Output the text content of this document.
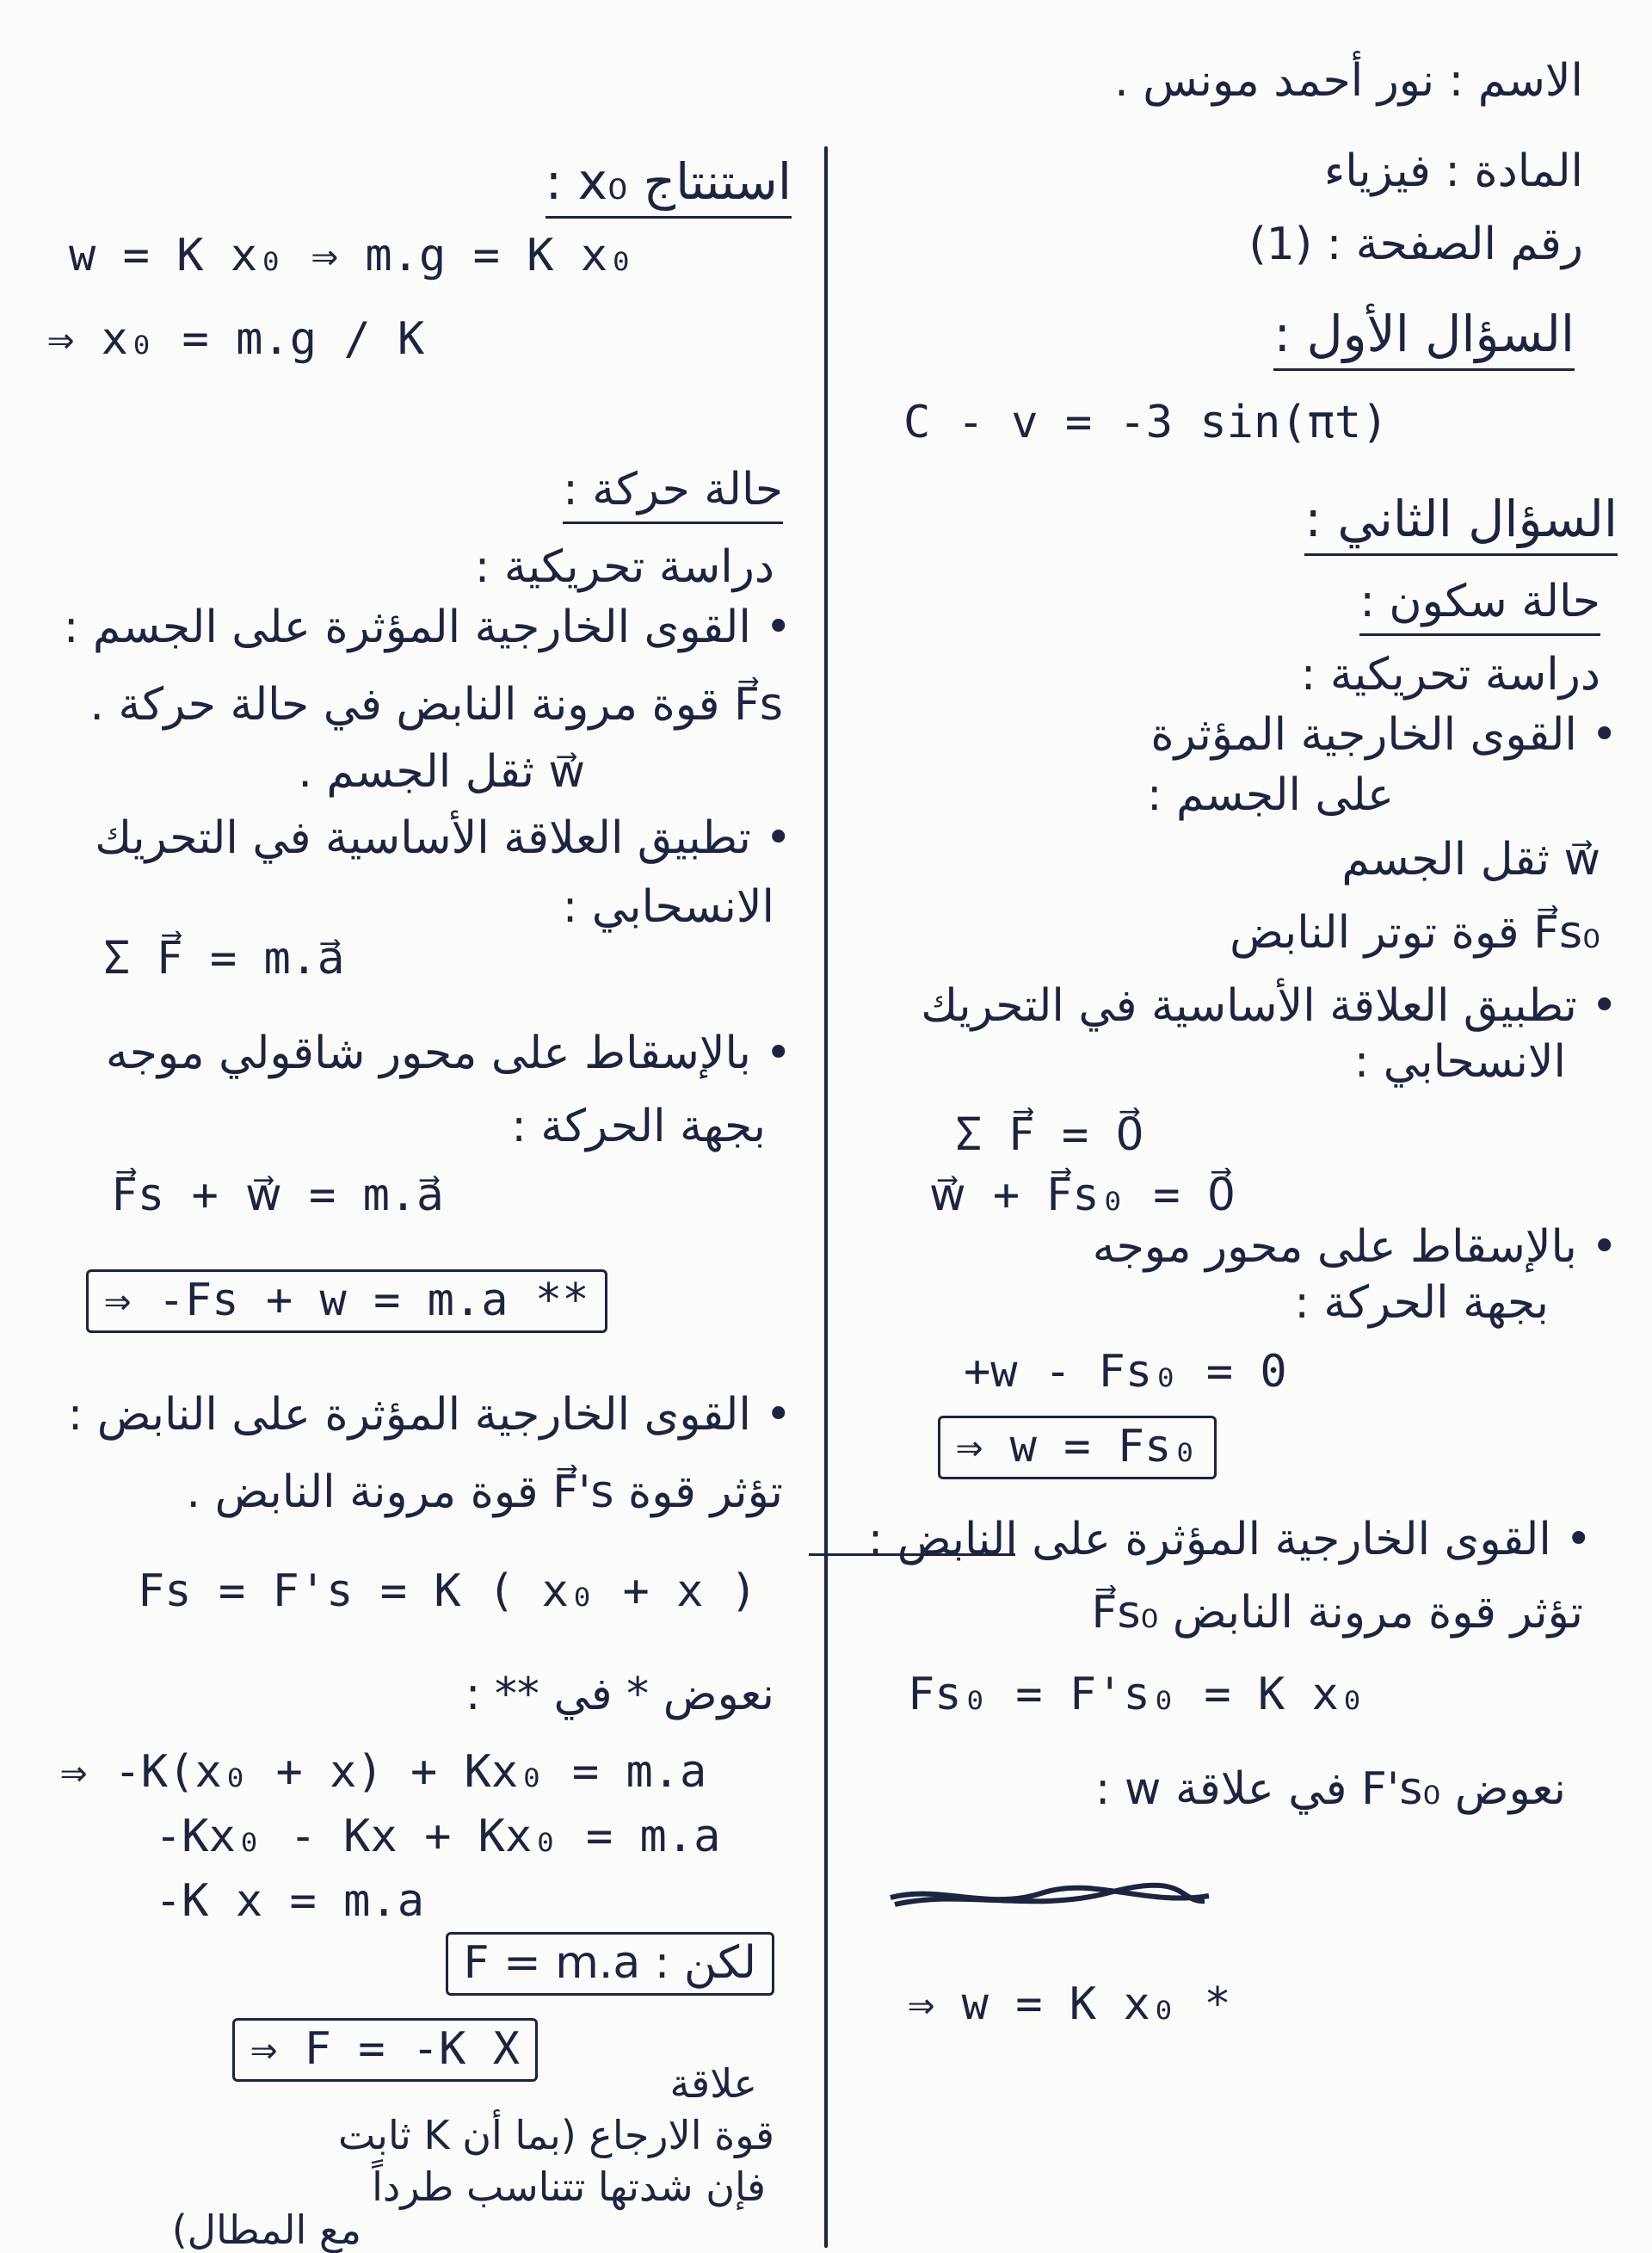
الاسم : نور أحمد مونس .
المادة : فيزياء
رقم الصفحة : (1)
السؤال الأول :
C - v = -3 sin(πt)
السؤال الثاني :
حالة سكون :
دراسة تحريكية :
• القوى الخارجية المؤثرة
على الجسم :
w⃗ ثقل الجسم
F⃗s₀ قوة توتر النابض
• تطبيق العلاقة الأساسية في التحريك
الانسحابي :
Σ F⃗ = 0⃗
w⃗ + F⃗s₀ = 0⃗
• بالإسقاط على محور موجه
بجهة الحركة :
+w - Fs₀ = 0
⇒ w = Fs₀
• القوى الخارجية المؤثرة على النابض :
تؤثر قوة مرونة النابض F⃗s₀
Fs₀ = F's₀ = K x₀
نعوض F's₀ في علاقة w :
⇒ w = K x₀ *
استنتاج x₀ :
w = K x₀ ⇒ m.g = K x₀
⇒ x₀ = m.g / K
حالة حركة :
دراسة تحريكية :
• القوى الخارجية المؤثرة على الجسم :
F⃗s قوة مرونة النابض في حالة حركة .
w⃗ ثقل الجسم .
• تطبيق العلاقة الأساسية في التحريك
الانسحابي :
Σ F⃗ = m.a⃗
• بالإسقاط على محور شاقولي موجه
بجهة الحركة :
F⃗s + w⃗ = m.a⃗
⇒ -Fs + w = m.a **
• القوى الخارجية المؤثرة على النابض :
تؤثر قوة F⃗'s قوة مرونة النابض .
Fs = F's = K ( x₀ + x )
نعوض * في ** :
⇒ -K(x₀ + x) + Kx₀ = m.a
-Kx₀ - Kx + Kx₀ = m.a
-K x = m.a
لكن : F = m.a
⇒ F = -K X
علاقة
قوة الارجاع (بما أن K ثابت
فإن شدتها تتناسب طرداً
مع المطال)
